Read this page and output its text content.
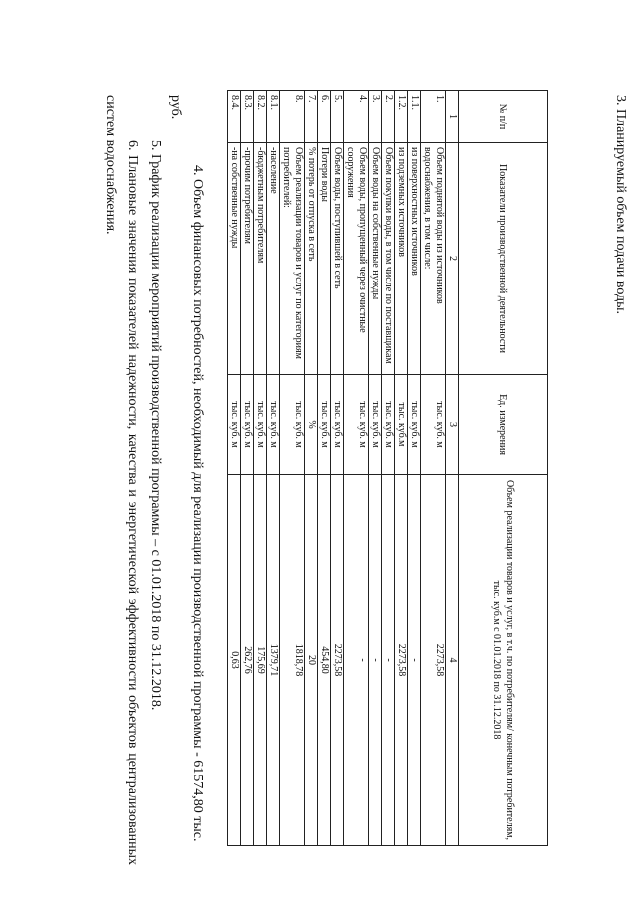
3. Планируемый объем подачи воды.
№ п/п	Показатели производственной деятельности	Ед. измерения	Объем реализации товаров и услуг, в т.ч. по потребителям/ конечным потребителям, тыс. куб.м с 01.01.2018 по 31.12.2018
1	2	3	4
1.	Объем поднятой воды из источников водоснабжения, в том числе:	тыс. куб. м	2273,58
1.1.	из поверхностных источников	тыс. куб. м	-
1.2.	из подземных источников	тыс. куб.м	2273,58
2.	Объем покупки воды, в том числе по поставщикам	тыс. куб. м	-
3.	Объем воды на собственные нужды	тыс. куб. м	-
4.	Объем воды, пропущенный через очистные сооружения	тыс. куб. м	-
5.	Объем воды, поступившей в сеть	тыс. куб. м	2273,58
6.	Потери воды	тыс. куб. м	454,80
7.	% потерь от отпуска в сеть	%	20
8.	Объем реализации товаров и услуг по категориям потребителей:	тыс. куб. м	1818,78
8.1.	-население	тыс. куб. м	1379,71
8.2.	-бюджетным потребителям	тыс. куб. м	175,69
8.3.	-прочим потребителям	тыс. куб. м	262,76
8.4.	-на собственные нужды	тыс. куб. м	0,63
4. Объем финансовых потребностей, необходимый для реализации производственной программы - 61574,80 тыс. руб.
5. График реализации мероприятий производственной программы – с 01.01.2018 по 31.12.2018.
6. Плановые значения показателей надежности, качества и энергетической эффективности объектов централизованных систем водоснабжения.
